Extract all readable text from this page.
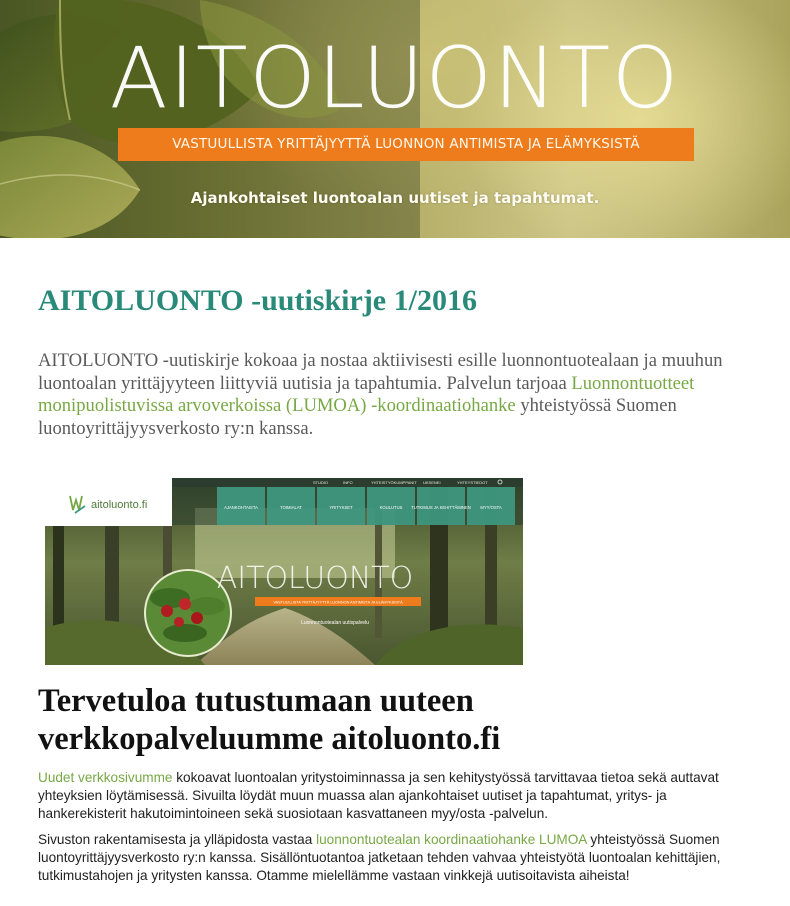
AITOLUONTO
VASTUULLISTA YRITTÄJYYTTÄ LUONNON ANTIMISTA JA ELÄMYKSISTÄ
Ajankohtaiset luontoalan uutiset ja tapahtumat.
AITOLUONTO -uutiskirje 1/2016

AITOLUONTO -uutiskirje kokoaa ja nostaa aktiivisesti esille luonnontuotealaan ja muuhun luontoalan yrittäjyyteen liittyviä uutisia ja tapahtumia. Palvelun tarjoaa Luonnontuotteet monipuolistuvissa arvoverkoissa (LUMOA) -koordinaatiohanke yhteistyössä Suomen luontoyrittäjyysverkosto ry:n kanssa.

aitoluonto.fi
STUDIO	INFO	YHTEISTYÖKUMPPANIT UKSENEI	YHTEYSTIEDOT
AJANKOHTAISTA	TOIMIALAT	YRITYKSET	KOULUTUS TUTKIMUS JA KEHITTÄMINEN MYY/OSTA
AITOLUONTO
VASTUULLISTA YRITTÄJYYTTÄ LUONNON ANTIMISTA JA ELÄMYKSISTÄ
Luonnontuotealan uutispalvelu
Tervetuloa tutustumaan uuteen verkkopalveluumme aitoluonto.fi

Uudet verkkosivumme kokoavat luontoalan yritystoiminnassa ja sen kehitystyössä tarvittavaa tietoa sekä auttavat yhteyksien löytämisessä. Sivuilta löydät muun muassa alan ajankohtaiset uutiset ja tapahtumat, yritys- ja hankerekisterit hakutoimintoineen sekä suosiotaan kasvattaneen myy/osta -palvelun.

Sivuston rakentamisesta ja ylläpidosta vastaa luonnontuotealan koordinaatiohanke LUMOA yhteistyössä Suomen luontoyrittäjyysverkosto ry:n kanssa. Sisällöntuotantoa jatketaan tehden vahvaa yhteistyötä luontoalan kehittäjien, tutkimustahojen ja yritysten kanssa. Otamme mielellämme vastaan vinkkejä uutisoitavista aiheista!
